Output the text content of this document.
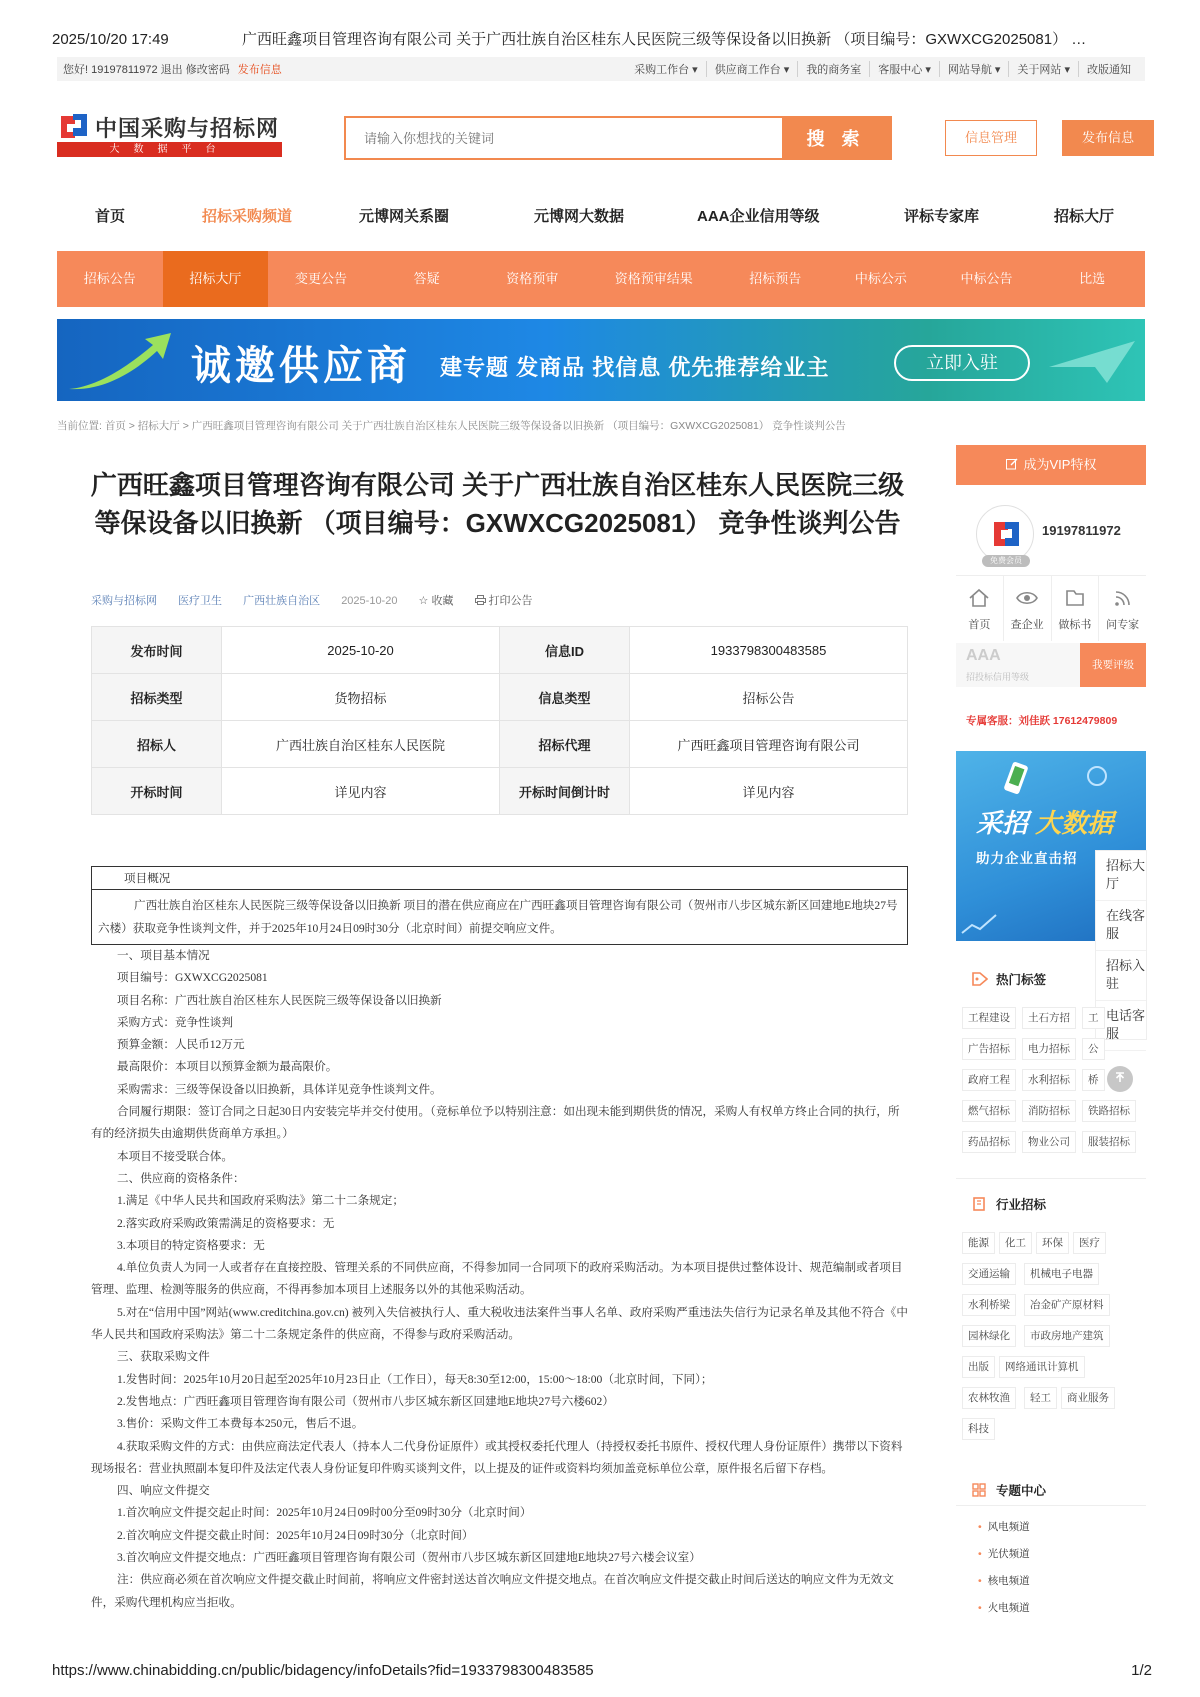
2025/10/20 17:49	广西旺鑫项目管理咨询有限公司 关于广西壮族自治区桂东人民医院三级等保设备以旧换新 （项目编号：GXWXCG2025081） …
https://www.chinabidding.cn/public/bidagency/infoDetails?fid=1933798300483585	1/2
您好! 19197811972 退出 修改密码 发布信息	采购工作台 ▾	供应商工作台 ▾	我的商务室	客服中心 ▾	网站导航 ▾	关于网站 ▾	改版通知
中国采购与招标网
大数据平台
请输入你想找的关键词
搜 索	信息管理	发布信息
首页	招标采购频道	元博网关系圈	元博网大数据	AAA企业信用等级	评标专家库	招标大厅
招标公告	招标大厅	变更公告	答疑	资格预审	资格预审结果	招标预告	中标公示	中标公告	比选
诚邀供应商 建专题 发商品 找信息 优先推荐给业主	立即入驻
当前位置: 首页 > 招标大厅 > 广西旺鑫项目管理咨询有限公司 关于广西壮族自治区桂东人民医院三级等保设备以旧换新 （项目编号：GXWXCG2025081） 竞争性谈判公告
广西旺鑫项目管理咨询有限公司 关于广西壮族自治区桂东人民医院三级
等保设备以旧换新 （项目编号：GXWXCG2025081） 竞争性谈判公告
采购与招标网 医疗卫生 广西壮族自治区 2025-10-20 ☆ 收藏	打印公告
发布时间	2025-10-20	信息ID	1933798300483585
招标类型	货物招标	信息类型	招标公告
招标人	广西壮族自治区桂东人民医院	招标代理	广西旺鑫项目管理咨询有限公司
开标时间	详见内容	开标时间倒计时	详见内容
项目概况
广西壮族自治区桂东人民医院三级等保设备以旧换新 项目的潜在供应商应在广西旺鑫项目管理咨询有限公司（贺州市八步区城东新区回建地E地块27号六楼）获取竞争性谈判文件，并于2025年10月24日09时30分（北京时间）前提交响应文件。
一、项目基本情况
项目编号：GXWXCG2025081
项目名称：广西壮族自治区桂东人民医院三级等保设备以旧换新
采购方式：竞争性谈判
预算金额：人民币12万元
最高限价：本项目以预算金额为最高限价。
采购需求：三级等保设备以旧换新，具体详见竞争性谈判文件。
合同履行期限：签订合同之日起30日内安装完毕并交付使用。（竞标单位予以特别注意：如出现未能到期供货的情况，采购人有权单方终止合同的执行，所有的经济损失由逾期供货商单方承担。）
本项目不接受联合体。
二、供应商的资格条件：
1.满足《中华人民共和国政府采购法》第二十二条规定；
2.落实政府采购政策需满足的资格要求：无
3.本项目的特定资格要求：无
4.单位负责人为同一人或者存在直接控股、管理关系的不同供应商，不得参加同一合同项下的政府采购活动。为本项目提供过整体设计、规范编制或者项目管理、监理、检测等服务的供应商，不得再参加本项目上述服务以外的其他采购活动。
5.对在“信用中国”网站(www.creditchina.gov.cn) 被列入失信被执行人、重大税收违法案件当事人名单、政府采购严重违法失信行为记录名单及其他不符合《中华人民共和国政府采购法》第二十二条规定条件的供应商，不得参与政府采购活动。
三、获取采购文件
1.发售时间：2025年10月20日起至2025年10月23日止（工作日），每天8:30至12:00，15:00～18:00（北京时间，下同）；
2.发售地点：广西旺鑫项目管理咨询有限公司（贺州市八步区城东新区回建地E地块27号六楼602）
3.售价：采购文件工本费每本250元，售后不退。
4.获取采购文件的方式：由供应商法定代表人（持本人二代身份证原件）或其授权委托代理人（持授权委托书原件、授权代理人身份证原件）携带以下资料现场报名：营业执照副本复印件及法定代表人身份证复印件购买谈判文件，以上提及的证件或资料均须加盖竞标单位公章，原件报名后留下存档。
四、响应文件提交
1.首次响应文件提交起止时间：2025年10月24日09时00分至09时30分（北京时间）
2.首次响应文件提交截止时间：2025年10月24日09时30分（北京时间）
3.首次响应文件提交地点：广西旺鑫项目管理咨询有限公司（贺州市八步区城东新区回建地E地块27号六楼会议室）
注：供应商必须在首次响应文件提交截止时间前，将响应文件密封送达首次响应文件提交地点。在首次响应文件提交截止时间后送达的响应文件为无效文件，采购代理机构应当拒收。
成为VIP特权
免费会员
19197811972
首页	查企业	做标书	问专家
AAA
招投标信用等级
我要评级
专属客服：刘佳跃 17612479809
采招 大数据
助力企业直击招	招标大厅
在线客服
招标入驻
电话客服
热门标签
工程建设	土石方招	工
广告招标	电力招标	公
政府工程	水利招标	桥
燃气招标	消防招标	铁路招标
药品招标	物业公司	服装招标
行业招标
能源	化工	环保	医疗
交通运输	机械电子电器
水利桥梁	冶金矿产原材料
园林绿化	市政房地产建筑
出版	网络通讯计算机
农林牧渔	轻工	商业服务
科技
专题中心
• 风电频道
• 光伏频道
• 核电频道
• 火电频道
